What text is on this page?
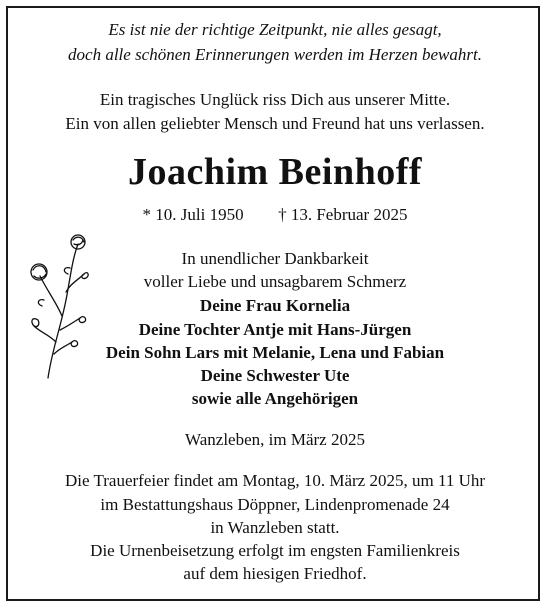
Es ist nie der richtige Zeitpunkt, nie alles gesagt,
doch alle schönen Erinnerungen werden im Herzen bewahrt.
Ein tragisches Unglück riss Dich aus unserer Mitte.
Ein von allen geliebter Mensch und Freund hat uns verlassen.
Joachim Beinhoff
* 10. Juli 1950 † 13. Februar 2025
In unendlicher Dankbarkeit
voller Liebe und unsagbarem Schmerz
Deine Frau Kornelia
Deine Tochter Antje mit Hans-Jürgen
Dein Sohn Lars mit Melanie, Lena und Fabian
Deine Schwester Ute
sowie alle Angehörigen
Wanzleben, im März 2025
Die Trauerfeier findet am Montag, 10. März 2025, um 11 Uhr
im Bestattungshaus Döppner, Lindenpromenade 24
in Wanzleben statt.
Die Urnenbeisetzung erfolgt im engsten Familienkreis
auf dem hiesigen Friedhof.
